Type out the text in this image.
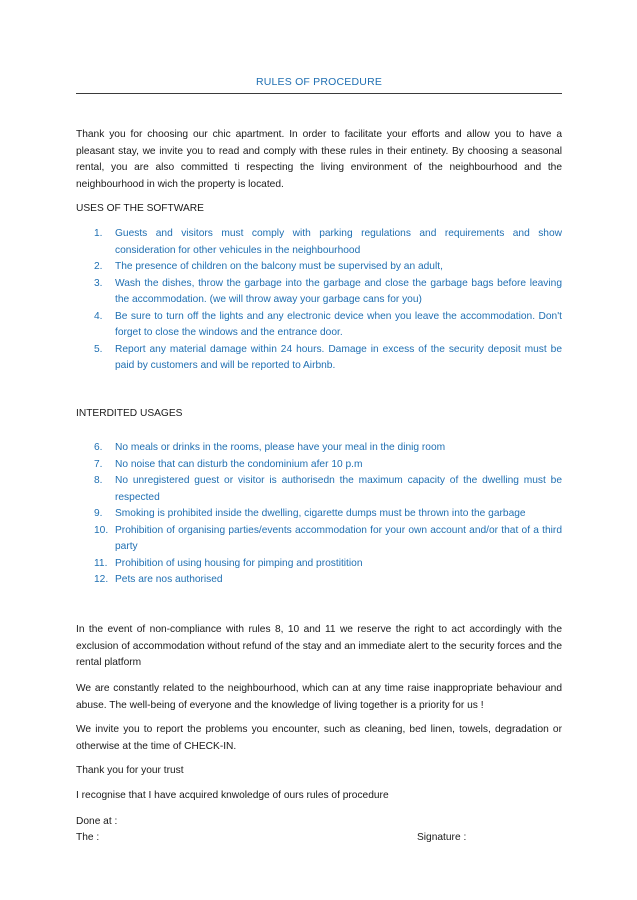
RULES OF PROCEDURE

Thank you for choosing our chic apartment. In order to facilitate your efforts and allow you to have a pleasant stay, we invite you to read and comply with these rules in their entinety. By choosing a seasonal rental, you are also committed ti respecting the living environment of the neighbourhood and the neighbourhood in wich the property is located.

USES OF THE SOFTWARE
1.	Guests and visitors must comply with parking regulations and requirements and show consideration for other vehicules in the neighbourhood
2.	The presence of children on the balcony must be supervised by an adult,
3.	Wash the dishes, throw the garbage into the garbage and close the garbage bags before leaving the accommodation. (we will throw away your garbage cans for you)
4.	Be sure to turn off the lights and any electronic device when you leave the accommodation. Don't forget to close the windows and the entrance door.
5.	Report any material damage within 24 hours. Damage in excess of the security deposit must be paid by customers and will be reported to Airbnb.
INTERDITED USAGES
6.	No meals or drinks in the rooms, please have your meal in the dinig room
7.	No noise that can disturb the condominium afer 10 p.m
8.	No unregistered guest or visitor is authorisedn the maximum capacity of the dwelling must be respected
9.	Smoking is prohibited inside the dwelling, cigarette dumps must be thrown into the garbage
10. Prohibition of organising parties/events accommodation for your own account and/or that of a third party
11. Prohibition of using housing for pimping and prostitition
12. Pets are nos authorised

In the event of non-compliance with rules 8, 10 and 11 we reserve the right to act accordingly with the exclusion of accommodation without refund of the stay and an immediate alert to the security forces and the rental platform

We are constantly related to the neighbourhood, which can at any time raise inappropriate behaviour and abuse. The well-being of everyone and the knowledge of living together is a priority for us !

We invite you to report the problems you encounter, such as cleaning, bed linen, towels, degradation or otherwise at the time of CHECK-IN.

Thank you for your trust

I recognise that I have acquired knwoledge of ours rules of procedure

Done at :

The :	Signature :
